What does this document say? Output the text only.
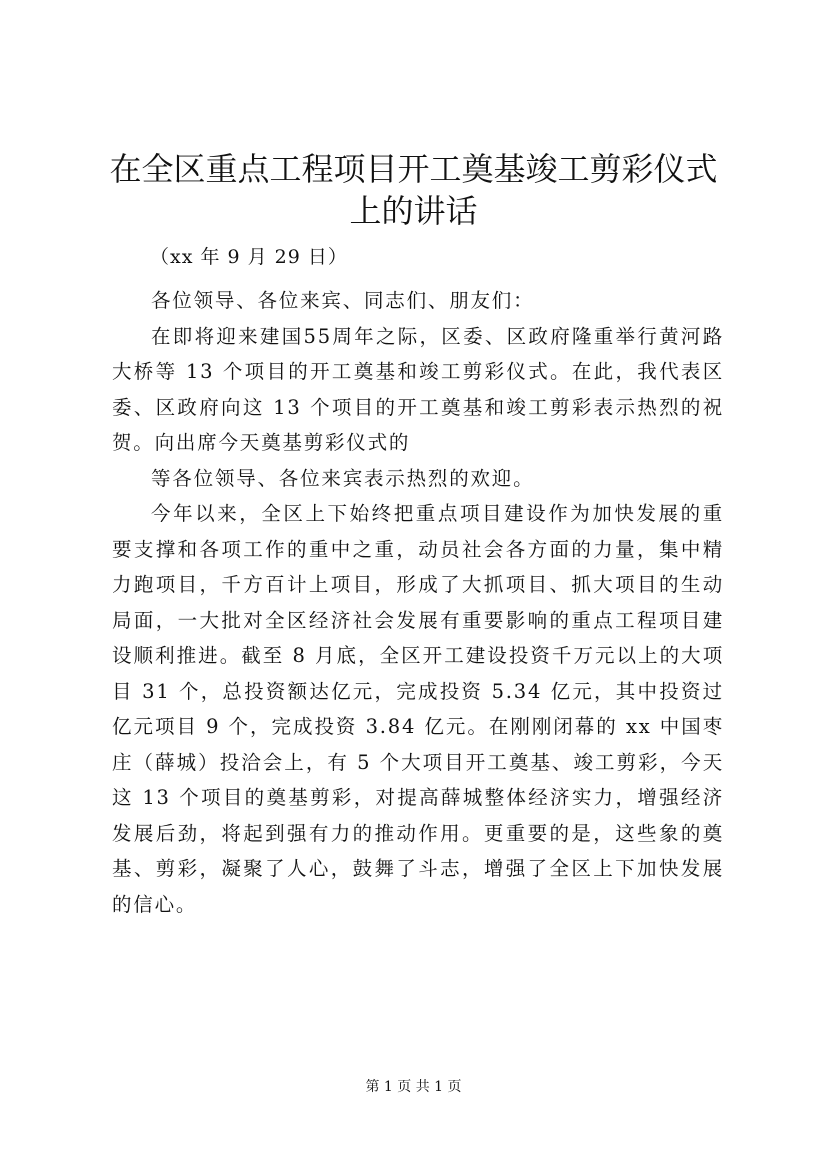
在全区重点工程项目开工奠基竣工剪彩仪式上的讲话

（xx 年 9 月 29 日）

各位领导、各位来宾、同志们、朋友们：

在即将迎来建国55周年之际，区委、区政府隆重举行黄河路大桥等 13 个项目的开工奠基和竣工剪彩仪式。在此，我代表区委、区政府向这 13 个项目的开工奠基和竣工剪彩表示热烈的祝贺。向出席今天奠基剪彩仪式的

等各位领导、各位来宾表示热烈的欢迎。

今年以来，全区上下始终把重点项目建设作为加快发展的重要支撑和各项工作的重中之重，动员社会各方面的力量，集中精力跑项目，千方百计上项目，形成了大抓项目、抓大项目的生动局面，一大批对全区经济社会发展有重要影响的重点工程项目建设顺利推进。截至 8 月底，全区开工建设投资千万元以上的大项目 31 个，总投资额达亿元，完成投资 5.34 亿元，其中投资过亿元项目 9 个，完成投资 3.84 亿元。在刚刚闭幕的 xx 中国枣庄（薛城）投洽会上，有 5 个大项目开工奠基、竣工剪彩，今天这 13 个项目的奠基剪彩，对提高薛城整体经济实力，增强经济发展后劲，将起到强有力的推动作用。更重要的是，这些象的奠基、剪彩，凝聚了人心，鼓舞了斗志，增强了全区上下加快发展的信心。

第 1 页 共 1 页
